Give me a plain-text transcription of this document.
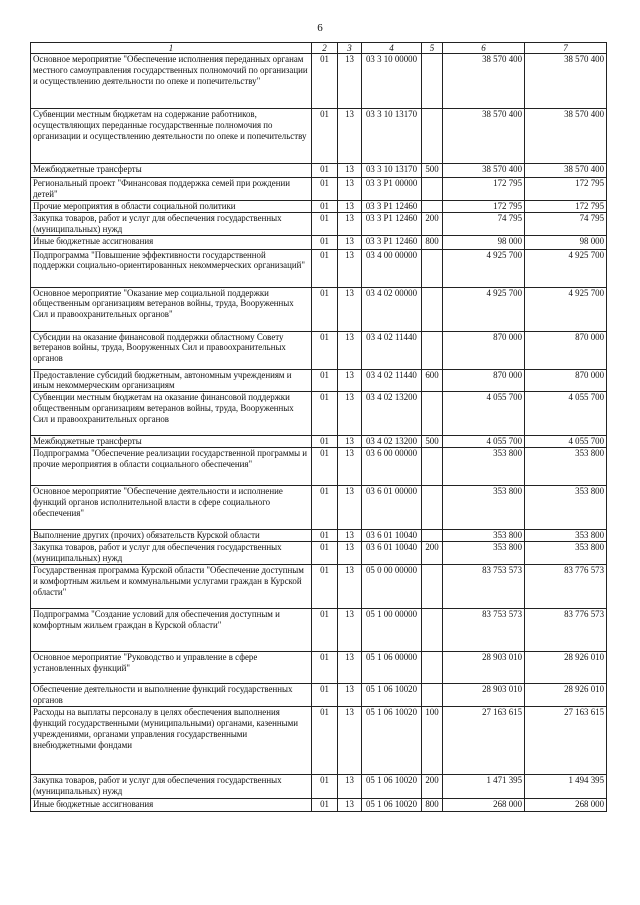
6
1	2	3	4	5	6	7
Основное мероприятие "Обеспечение исполнения переданных органам местного самоуправления государственных полномочий по организации и осуществлению деятельности по опеке и попечительству"	01	13	03 3 10 00000		38 570 400	38 570 400
Субвенции местным бюджетам на содержание работников, осуществляющих переданные государственные полномочия по организации и осуществлению деятельности по опеке и попечительству	01	13	03 3 10 13170		38 570 400	38 570 400
Межбюджетные трансферты	01	13	03 3 10 13170	500	38 570 400	38 570 400
Региональный проект "Финансовая поддержка семей при рождении детей"	01	13	03 3 P1 00000		172 795	172 795
Прочие мероприятия в области социальной политики	01	13	03 3 P1 12460		172 795	172 795
Закупка товаров, работ и услуг для обеспечения государственных (муниципальных) нужд	01	13	03 3 P1 12460	200	74 795	74 795
Иные бюджетные ассигнования	01	13	03 3 P1 12460	800	98 000	98 000
Подпрограмма "Повышение эффективности государственной поддержки социально-ориентированных некоммерческих организаций"	01	13	03 4 00 00000		4 925 700	4 925 700
Основное мероприятие "Оказание мер социальной поддержки общественным организациям ветеранов войны, труда, Вооруженных Сил и правоохранительных органов"	01	13	03 4 02 00000		4 925 700	4 925 700
Субсидии на оказание финансовой поддержки областному Совету ветеранов войны, труда, Вооруженных Сил и правоохранительных органов	01	13	03 4 02 11440		870 000	870 000
Предоставление субсидий бюджетным, автономным учреждениям и иным некоммерческим организациям	01	13	03 4 02 11440	600	870 000	870 000
Субвенции местным бюджетам на оказание финансовой поддержки общественным организациям ветеранов войны, труда, Вооруженных Сил и правоохранительных органов	01	13	03 4 02 13200		4 055 700	4 055 700
Межбюджетные трансферты	01	13	03 4 02 13200	500	4 055 700	4 055 700
Подпрограмма "Обеспечение реализации государственной программы и прочие мероприятия в области социального обеспечения"	01	13	03 6 00 00000		353 800	353 800
Основное мероприятие "Обеспечение деятельности и исполнение функций органов исполнительной власти в сфере социального обеспечения"	01	13	03 6 01 00000		353 800	353 800
Выполнение других (прочих) обязательств Курской области	01	13	03 6 01 10040		353 800	353 800
Закупка товаров, работ и услуг для обеспечения государственных (муниципальных) нужд	01	13	03 6 01 10040	200	353 800	353 800
Государственная программа Курской области "Обеспечение доступным и комфортным жильем и коммунальными услугами граждан в Курской области"	01	13	05 0 00 00000		83 753 573	83 776 573
Подпрограмма "Создание условий для обеспечения доступным и комфортным жильем граждан в Курской области"	01	13	05 1 00 00000		83 753 573	83 776 573
Основное мероприятие "Руководство и управление в сфере установленных функций"	01	13	05 1 06 00000		28 903 010	28 926 010
Обеспечение деятельности и выполнение функций государственных органов	01	13	05 1 06 10020		28 903 010	28 926 010
Расходы на выплаты персоналу в целях обеспечения выполнения функций государственными (муниципальными) органами, казенными учреждениями, органами управления государственными внебюджетными фондами	01	13	05 1 06 10020	100	27 163 615	27 163 615
Закупка товаров, работ и услуг для обеспечения государственных (муниципальных) нужд	01	13	05 1 06 10020	200	1 471 395	1 494 395
Иные бюджетные ассигнования	01	13	05 1 06 10020	800	268 000	268 000
